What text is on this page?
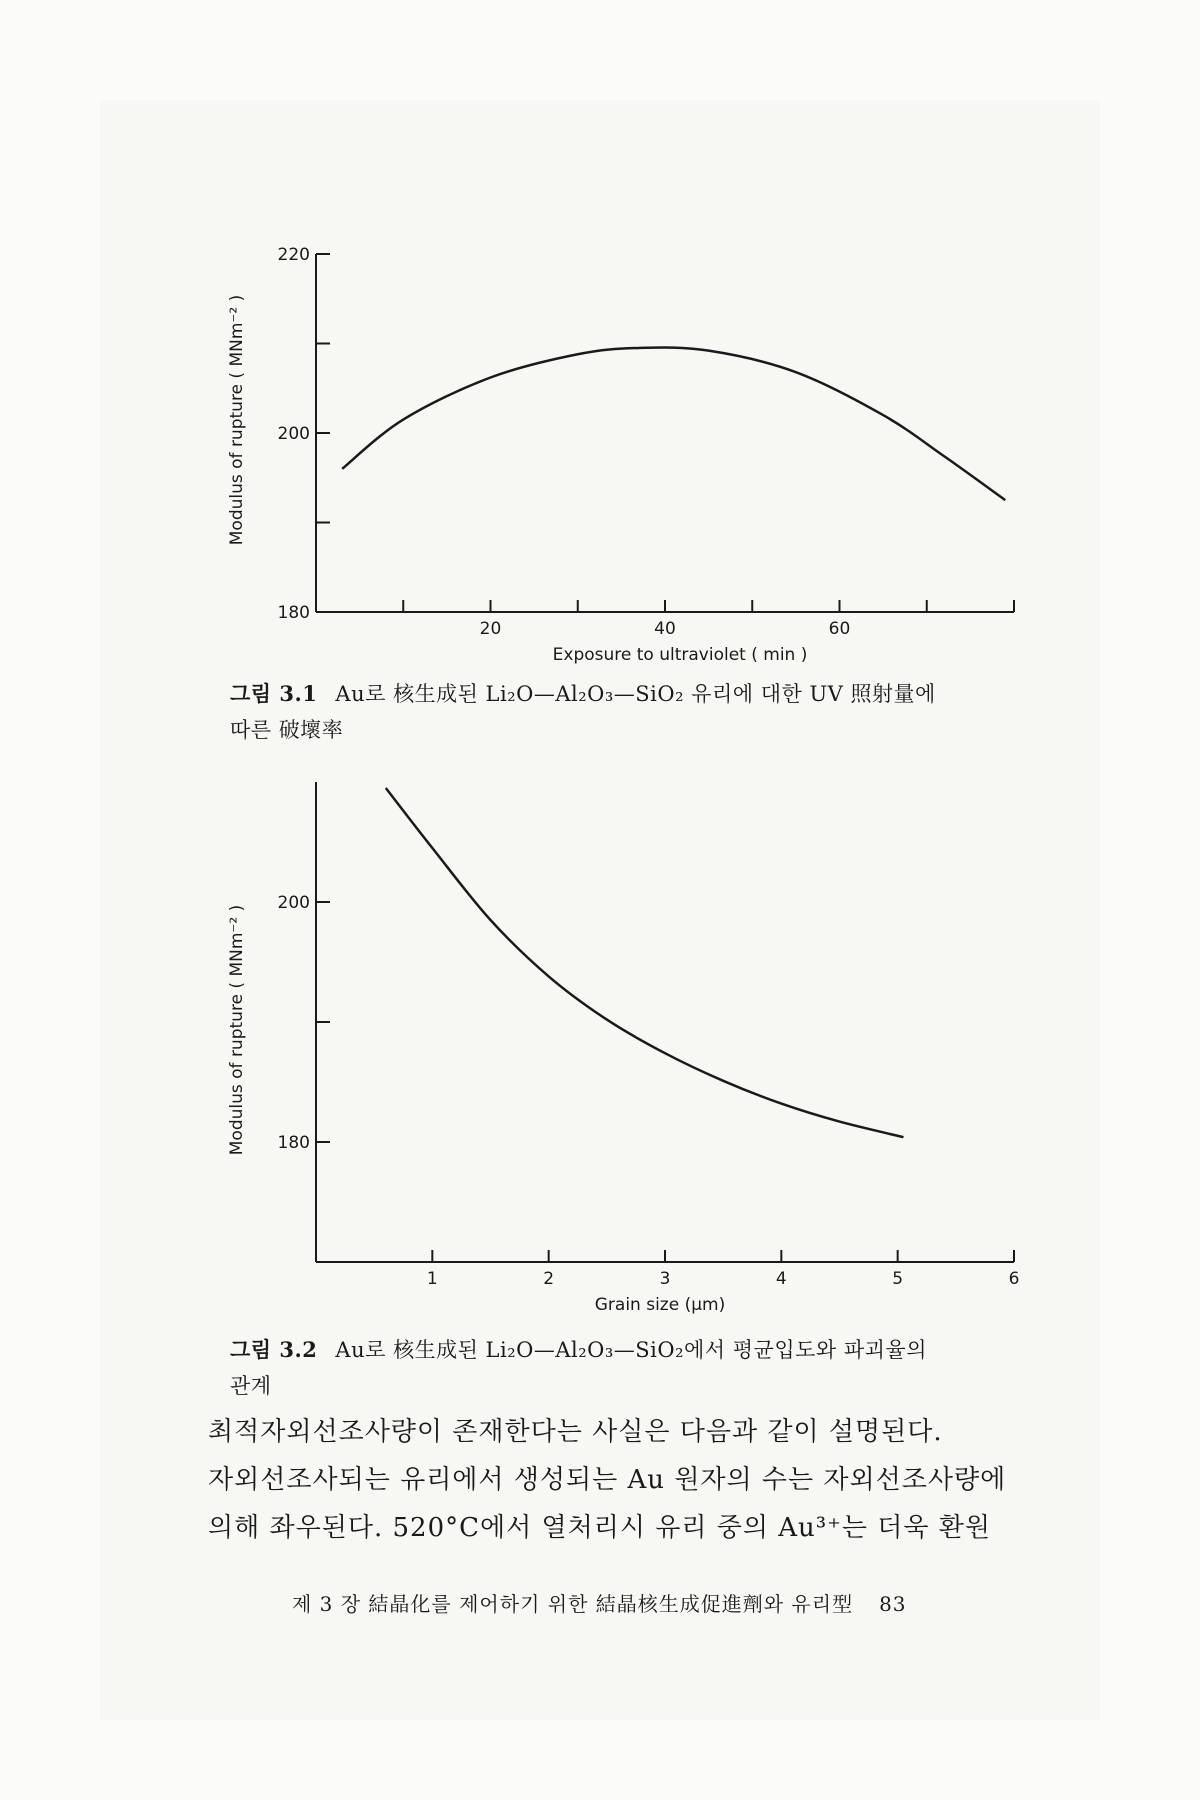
180
200
220
20	40	60
Exposure to ultraviolet ( min )
Modulus of rupture ( MNm⁻² )
그림 3.1 Au로 核生成된 Li₂O—Al₂O₃—SiO₂ 유리에 대한 UV 照射量에
따른 破壞率
180
200
1	2	3	4	5	6
Grain size (μm)
Modulus of rupture ( MNm⁻² )
그림 3.2 Au로 核生成된 Li₂O—Al₂O₃—SiO₂에서 평균입도와 파괴율의
관계
최적자외선조사량이 존재한다는 사실은 다음과 같이 설명된다.
자외선조사되는 유리에서 생성되는 Au 원자의 수는 자외선조사량에
의해 좌우된다. 520°C에서 열처리시 유리 중의 Au³⁺는 더욱 환원
제 3 장 結晶化를 제어하기 위한 結晶核生成促進劑와 유리型 83
